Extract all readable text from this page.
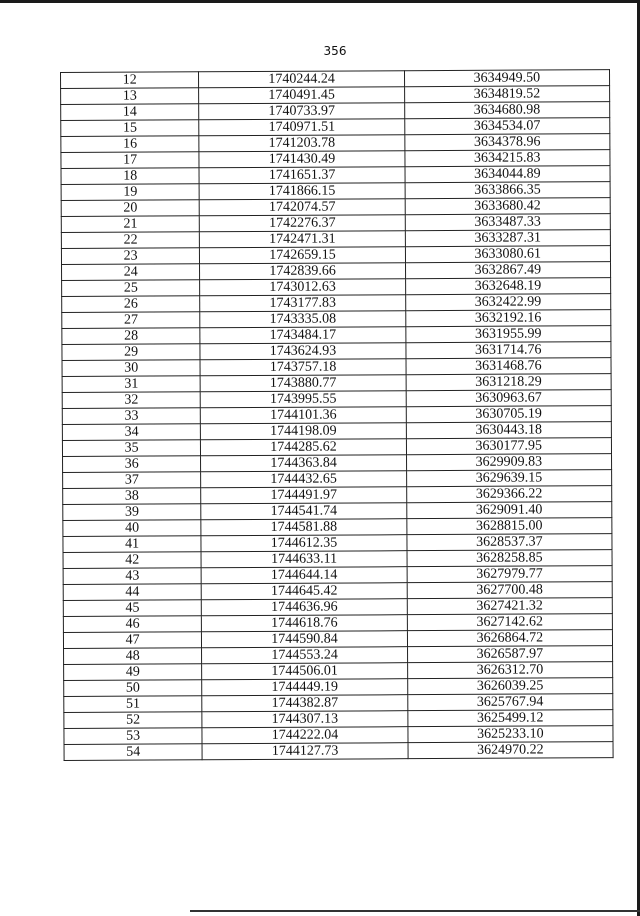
356
12	1740244.24	3634949.50
13	1740491.45	3634819.52
14	1740733.97	3634680.98
15	1740971.51	3634534.07
16	1741203.78	3634378.96
17	1741430.49	3634215.83
18	1741651.37	3634044.89
19	1741866.15	3633866.35
20	1742074.57	3633680.42
21	1742276.37	3633487.33
22	1742471.31	3633287.31
23	1742659.15	3633080.61
24	1742839.66	3632867.49
25	1743012.63	3632648.19
26	1743177.83	3632422.99
27	1743335.08	3632192.16
28	1743484.17	3631955.99
29	1743624.93	3631714.76
30	1743757.18	3631468.76
31	1743880.77	3631218.29
32	1743995.55	3630963.67
33	1744101.36	3630705.19
34	1744198.09	3630443.18
35	1744285.62	3630177.95
36	1744363.84	3629909.83
37	1744432.65	3629639.15
38	1744491.97	3629366.22
39	1744541.74	3629091.40
40	1744581.88	3628815.00
41	1744612.35	3628537.37
42	1744633.11	3628258.85
43	1744644.14	3627979.77
44	1744645.42	3627700.48
45	1744636.96	3627421.32
46	1744618.76	3627142.62
47	1744590.84	3626864.72
48	1744553.24	3626587.97
49	1744506.01	3626312.70
50	1744449.19	3626039.25
51	1744382.87	3625767.94
52	1744307.13	3625499.12
53	1744222.04	3625233.10
54	1744127.73	3624970.22
